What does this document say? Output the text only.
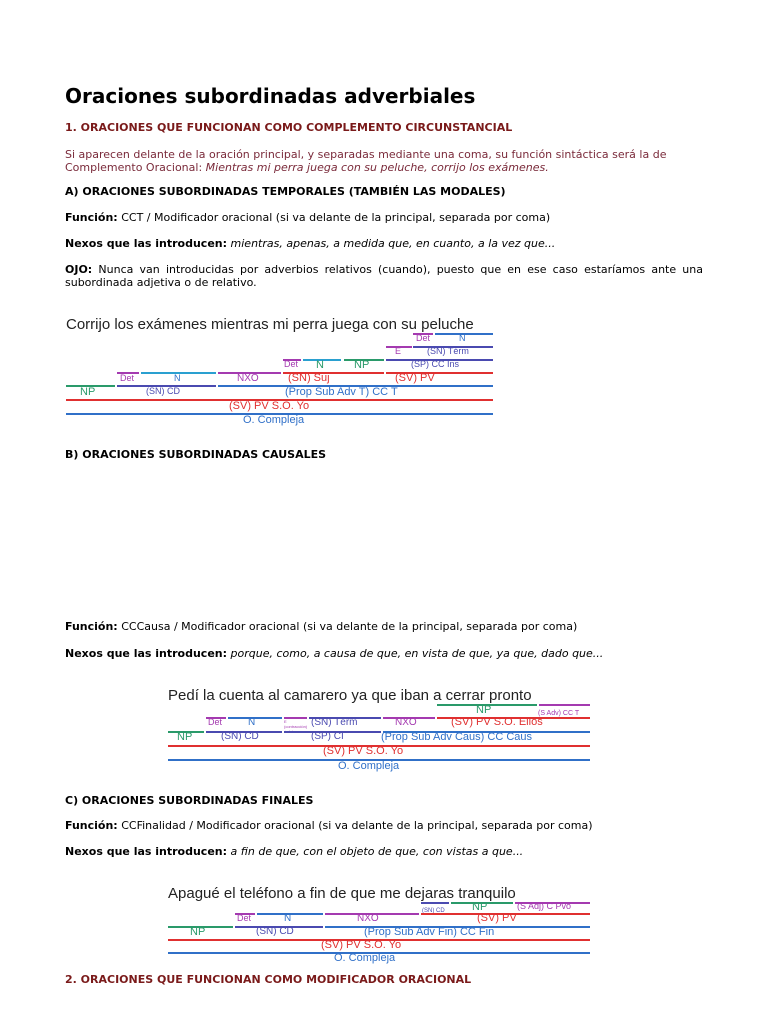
Oraciones subordinadas adverbiales
1. ORACIONES QUE FUNCIONAN COMO COMPLEMENTO CIRCUNSTANCIAL
Si aparecen delante de la oración principal, y separadas mediante una coma, su función sintáctica será la de Complemento Oracional: Mientras mi perra juega con su peluche, corrijo los exámenes.
A) ORACIONES SUBORDINADAS TEMPORALES (TAMBIÉN LAS MODALES)
Función: CCT / Modificador oracional (si va delante de la principal, separada por coma)
Nexos que las introducen: mientras, apenas, a medida que, en cuanto, a la vez que...
OJO: Nunca van introducidas por adverbios relativos (cuando), puesto que en ese caso estaríamos ante una subordinada adjetiva o de relativo.
Corrijo los exámenes mientras mi perra juega con su peluche
Det	N
E	(SN) Térm
Det N	NP	(SP) CC Ins
Det	N	NXO	(SN) Suj	(SV) PV
NP	(SN) CD	(Prop Sub Adv T) CC T
(SV) PV S.O. Yo
O. Compleja
B) ORACIONES SUBORDINADAS CAUSALES
Función: CCCausa / Modificador oracional (si va delante de la principal, separada por coma)
Nexos que las introducen: porque, como, a causa de que, en vista de que, ya que, dado que...
Pedí la cuenta al camarero ya que iban a cerrar pronto
NP	(S Adv) CC T
Det	N	E (contracción) + det
(SN) Térm	NXO	(SV) PV S.O. Ellos
NP	(SN) CD	(SP) CI	(Prop Sub Adv Caus) CC Caus
(SV) PV S.O. Yo
O. Compleja
C) ORACIONES SUBORDINADAS FINALES
Función: CCFinalidad / Modificador oracional (si va delante de la principal, separada por coma)
Nexos que las introducen: a fin de que, con el objeto de que, con vistas a que...
Apagué el teléfono a fin de que me dejaras tranquilo
(SN) CD NP	(S Adj) C Pvo
Det	N	NXO	(SV) PV
NP	(SN) CD	(Prop Sub Adv Fin) CC Fin
(SV) PV S.O. Yo
O. Compleja
2. ORACIONES QUE FUNCIONAN COMO MODIFICADOR ORACIONAL
